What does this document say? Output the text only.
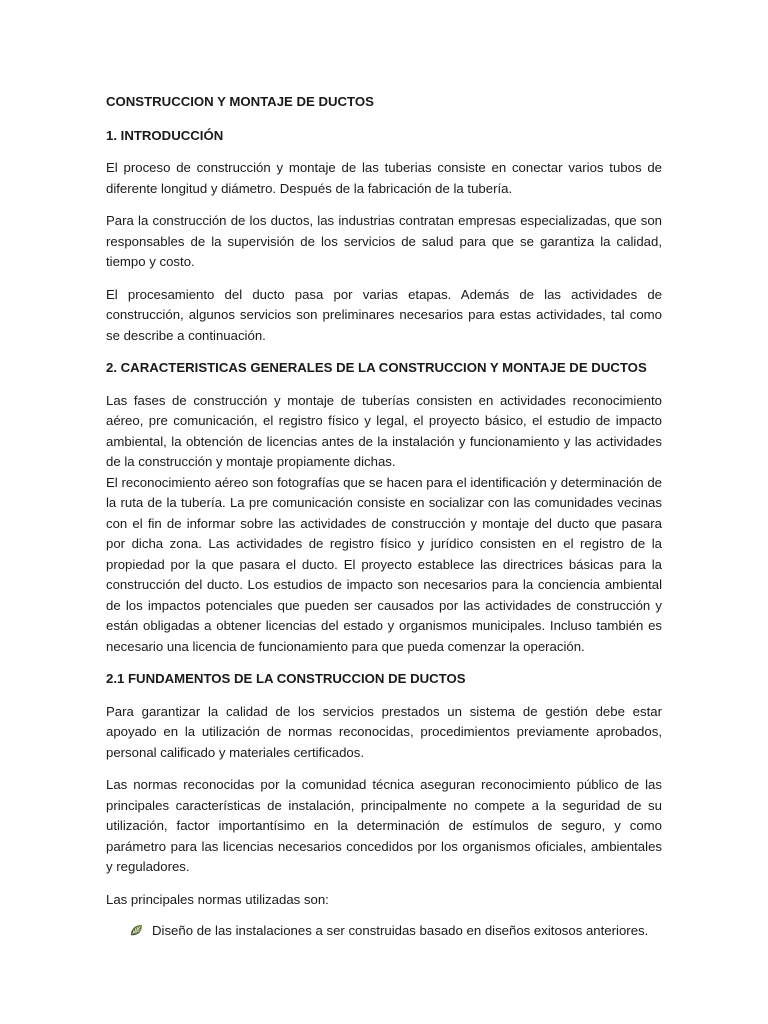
CONSTRUCCION Y MONTAJE DE DUCTOS
1. INTRODUCCIÓN

El proceso de construcción y montaje de las tuberias consiste en conectar varios tubos de diferente longitud y diámetro. Después de la fabricación de la tubería.

Para la construcción de los ductos, las industrias contratan empresas especializadas, que son responsables de la supervisión de los servicios de salud para que se garantiza la calidad, tiempo y costo.

El procesamiento del ducto pasa por varias etapas. Además de las actividades de construcción, algunos servicios son preliminares necesarios para estas actividades, tal como se describe a continuación.

2. CARACTERISTICAS GENERALES DE LA CONSTRUCCION Y MONTAJE DE DUCTOS

Las fases de construcción y montaje de tuberías consisten en actividades reconocimiento aéreo, pre comunicación, el registro físico y legal, el proyecto básico, el estudio de impacto ambiental, la obtención de licencias antes de la instalación y funcionamiento y las actividades de la construcción y montaje propiamente dichas.

El reconocimiento aéreo son fotografías que se hacen para el identificación y determinación de la ruta de la tubería. La pre comunicación consiste en socializar con las comunidades vecinas con el fin de informar sobre las actividades de construcción y montaje del ducto que pasara por dicha zona. Las actividades de registro físico y jurídico consisten en el registro de la propiedad por la que pasara el ducto. El proyecto establece las directrices básicas para la construcción del ducto. Los estudios de impacto son necesarios para la conciencia ambiental de los impactos potenciales que pueden ser causados por las actividades de construcción y están obligadas a obtener licencias del estado y organismos municipales. Incluso también es necesario una licencia de funcionamiento para que pueda comenzar la operación.

2.1 FUNDAMENTOS DE LA CONSTRUCCION DE DUCTOS

Para garantizar la calidad de los servicios prestados un sistema de gestión debe estar apoyado en la utilización de normas reconocidas, procedimientos previamente aprobados, personal calificado y materiales certificados.

Las normas reconocidas por la comunidad técnica aseguran reconocimiento público de las principales características de instalación, principalmente no compete a la seguridad de su utilización, factor importantísimo en la determinación de estímulos de seguro, y como parámetro para las licencias necesarios concedidos por los organismos oficiales, ambientales y reguladores.

Las principales normas utilizadas son:

Diseño de las instalaciones a ser construidas basado en diseños exitosos anteriores.
